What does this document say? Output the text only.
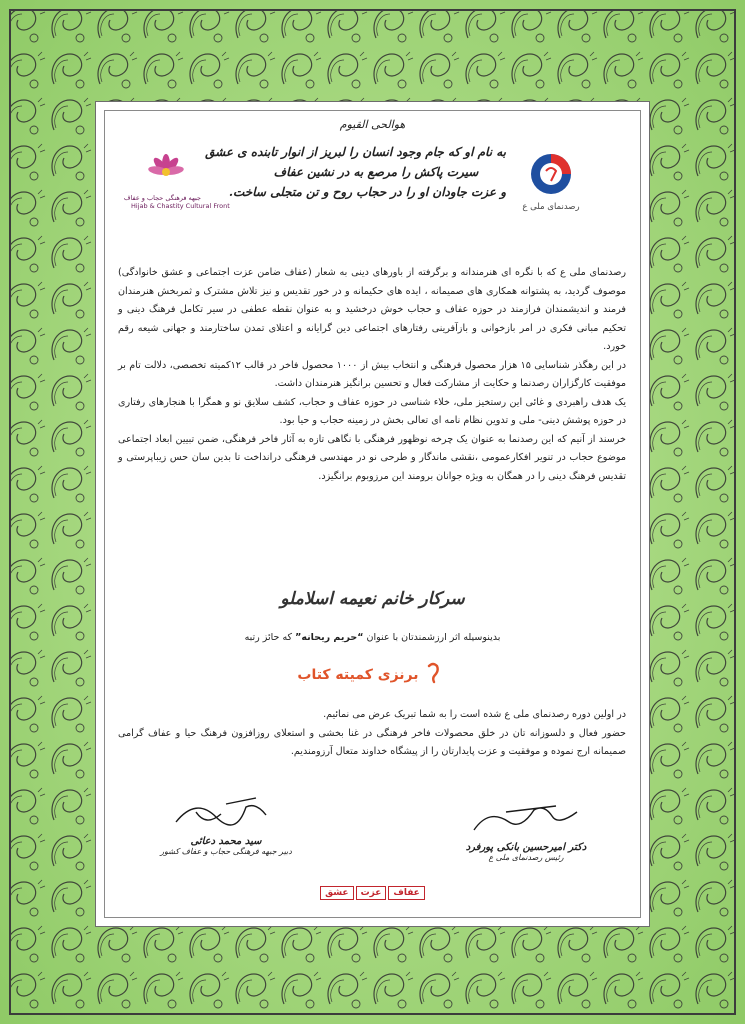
هوالحی القیوم
به نام او که جام وجود انسان را لبریز از انوار تابنده ی عشق
سیرت پاکش را مرصع به در نشین عفاف
و عزت جاودان او را در حجاب روح و تن متجلی ساخت.
جبهه فرهنگی حجاب و عفاف
Hijab & Chastity Cultural Front	رصدنمای ملی ع

رصدنمای ملی ع که با نگره ای هنرمندانه و برگرفته از باورهای دینی به شعار (عفاف ضامن عزت اجتماعی و عشق خانوادگی) موصوف گردید، به پشتوانه همکاری های صمیمانه ، ایده های حکیمانه و در خور تقدیس و نیز تلاش مشترک و ثمربخش هنرمندان فرمند و اندیشمندان فرازمند در حوزه عفاف و حجاب خوش درخشید و به عنوان نقطه عطفی در سیر تکامل فرهنگ دینی و تحکیم مبانی فکری در امر بازخوانی و بازآفرینی رفتارهای اجتماعی دین گرایانه و اعتلای تمدن ساختارمند و جهانی شیعه رقم خورد.

در این رهگذر شناسایی ۱۵ هزار محصول فرهنگی و انتخاب بیش از ۱۰۰۰ محصول فاخر در قالب ۱۲کمیته تخصصی، دلالت تام بر موفقیت کارگزاران رصدنما و حکایت از مشارکت فعال و تحسین برانگیز هنرمندان داشت.

یک هدف راهبردی و غائی این رستخیز ملی، خلاء شناسی در حوزه عفاف و حجاب، کشف سلایق نو و همگرا با هنجارهای رفتاری در حوزه پوشش دینی- ملی و تدوین نظام نامه ای تعالی بخش در زمینه حجاب و حیا بود.

خرسند از آنیم که این رصدنما به عنوان یک چرخه نوظهور فرهنگی با نگاهی تازه به آثار فاخر فرهنگی، ضمن تبیین ابعاد اجتماعی موضوع حجاب در تنویر افکارعمومی ،نقشی ماندگار و طرحی نو در مهندسی فرهنگی درانداخت تا بدین سان حس زیباپرستی و تقدیس فرهنگ دینی را در همگان به ویژه جوانان برومند این مرزوبوم برانگیزد.

سرکار خانم نعیمه اسلاملو
بدینوسیله اثر ارزشمندتان با عنوان “حریم ریحانه” که حائز رتبه
برنزی کمیته کتاب

در اولین دوره رصدنمای ملی ع شده است را به شما تبریک عرض می نمائیم.

حضور فعال و دلسوزانه تان در خلق محصولات فاخر فرهنگی در غنا بخشی و استعلای روزافزون فرهنگ حیا و عفاف گرامی صمیمانه ارج نموده و موفقیت و عزت پایدارتان را از پیشگاه خداوند متعال آرزومندیم.

سید محمد دعائی
دبیر جبهه فرهنگی حجاب و عفاف کشور	دکتر امیرحسین بانکی پورفرد
رئیس رصدنمای ملی ع
عفافعزتعشق
